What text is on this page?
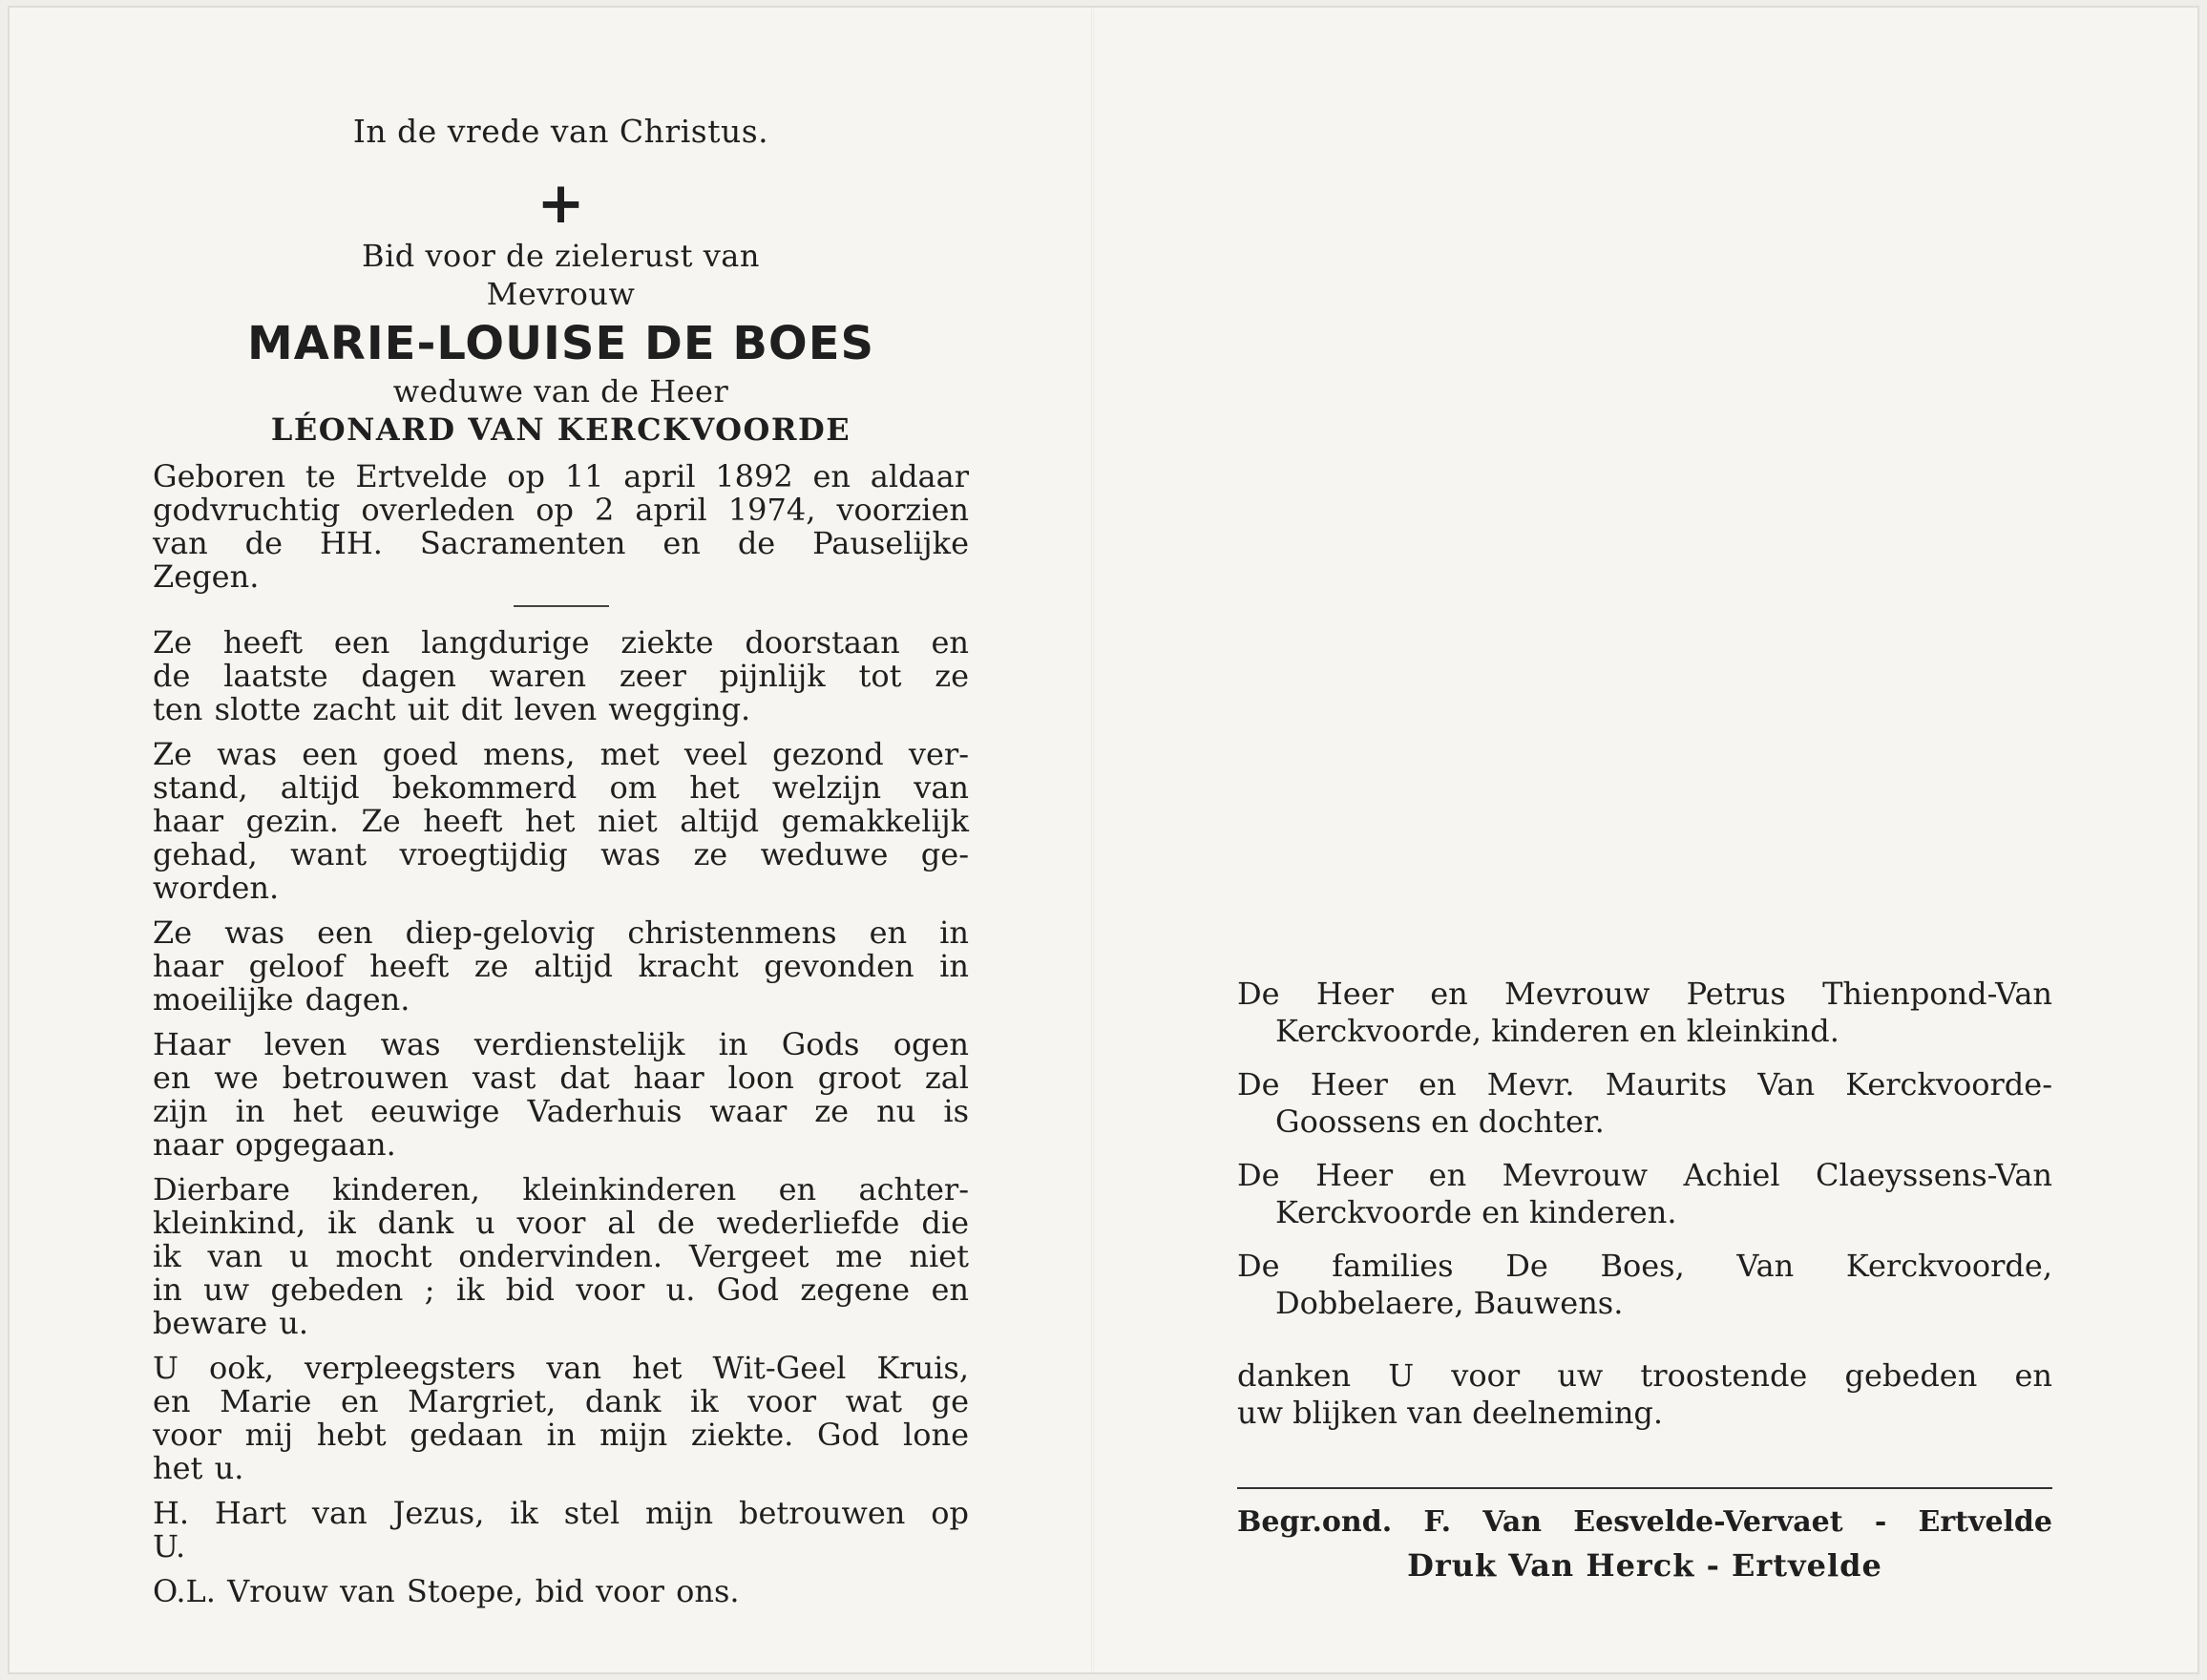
In de vrede van Christus.
+
Bid voor de zielerust van
Mevrouw
MARIE-LOUISE DE BOES
weduwe van de Heer
LÉONARD VAN KERCKVOORDE

Geboren te Ertvelde op 11 april 1892 en aldaar

godvruchtig overleden op 2 april 1974, voorzien

van de HH. Sacramenten en de Pauselijke

Zegen.

Ze heeft een langdurige ziekte doorstaan en

de laatste dagen waren zeer pijnlijk tot ze

ten slotte zacht uit dit leven wegging.

Ze was een goed mens, met veel gezond ver-

stand, altijd bekommerd om het welzijn van

haar gezin. Ze heeft het niet altijd gemakkelijk

gehad, want vroegtijdig was ze weduwe ge-

worden.

Ze was een diep-gelovig christenmens en in

haar geloof heeft ze altijd kracht gevonden in

moeilijke dagen.

Haar leven was verdienstelijk in Gods ogen

en we betrouwen vast dat haar loon groot zal

zijn in het eeuwige Vaderhuis waar ze nu is

naar opgegaan.

Dierbare kinderen, kleinkinderen en achter-

kleinkind, ik dank u voor al de wederliefde die

ik van u mocht ondervinden. Vergeet me niet

in uw gebeden ; ik bid voor u. God zegene en

beware u.

U ook, verpleegsters van het Wit-Geel Kruis,

en Marie en Margriet, dank ik voor wat ge

voor mij hebt gedaan in mijn ziekte. God lone

het u.

H. Hart van Jezus, ik stel mijn betrouwen op

U.

O.L. Vrouw van Stoepe, bid voor ons.

De Heer en Mevrouw Petrus Thienpond-Van

Kerckvoorde, kinderen en kleinkind.

De Heer en Mevr. Maurits Van Kerckvoorde-

Goossens en dochter.

De Heer en Mevrouw Achiel Claeyssens-Van

Kerckvoorde en kinderen.

De families De Boes, Van Kerckvoorde,

Dobbelaere, Bauwens.

danken U voor uw troostende gebeden en

uw blijken van deelneming.

Begr.ond. F. Van Eesvelde-Vervaet - Ertvelde

Druk Van Herck - Ertvelde
